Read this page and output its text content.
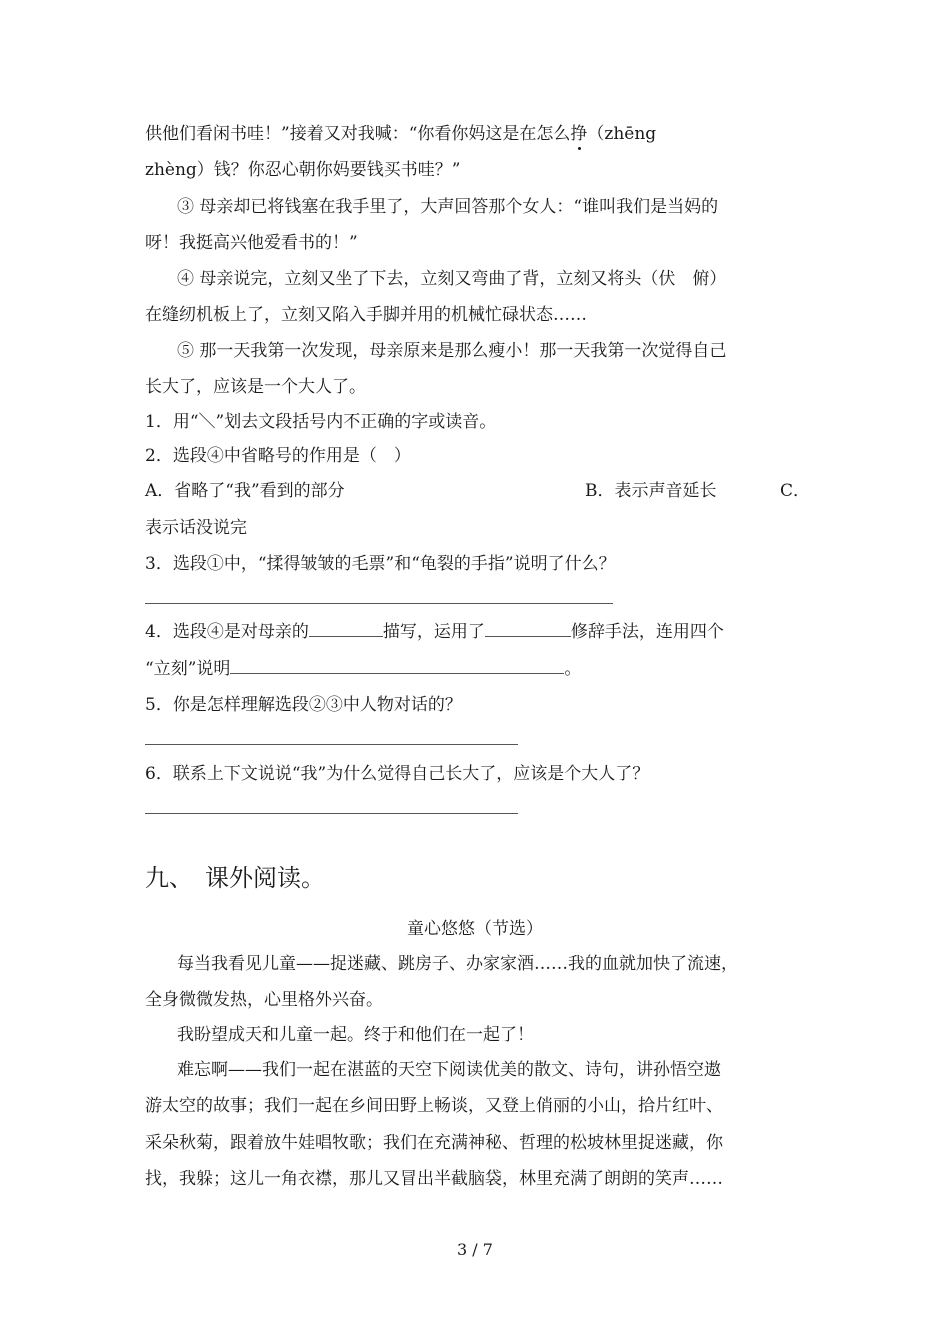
供他们看闲书哇！”接着又对我喊：“你看你妈这是在怎么挣（zhēng
zhèng）钱？你忍心朝你妈要钱买书哇？”
③ 母亲却已将钱塞在我手里了，大声回答那个女人：“谁叫我们是当妈的
呀！我挺高兴他爱看书的！”
④ 母亲说完，立刻又坐了下去，立刻又弯曲了背，立刻又将头（伏　俯）
在缝纫机板上了，立刻又陷入手脚并用的机械忙碌状态……
⑤ 那一天我第一次发现，母亲原来是那么瘦小！那一天我第一次觉得自己
长大了，应该是一个大人了。
1．用“＼”划去文段括号内不正确的字或读音。
2．选段④中省略号的作用是（　）
A．省略了“我”看到的部分	B．表示声音延长	C．
表示话没说完
3．选段①中，“揉得皱皱的毛票”和“龟裂的手指”说明了什么？
4．选段④是对母亲的	描写，运用了	修辞手法，连用四个
“立刻”说明	。
5．你是怎样理解选段②③中人物对话的？
6．联系上下文说说“我”为什么觉得自己长大了，应该是个大人了？
九、　课外阅读。
童心悠悠（节选）
每当我看见儿童——捉迷藏、跳房子、办家家酒……我的血就加快了流速，
全身微微发热，心里格外兴奋。
我盼望成天和儿童一起。终于和他们在一起了！
难忘啊——我们一起在湛蓝的天空下阅读优美的散文、诗句，讲孙悟空遨
游太空的故事；我们一起在乡间田野上畅谈，又登上俏丽的小山，拾片红叶、
采朵秋菊，跟着放牛娃唱牧歌；我们在充满神秘、哲理的松坡林里捉迷藏，你
找，我躲；这儿一角衣襟，那儿又冒出半截脑袋，林里充满了朗朗的笑声……
3 / 7
